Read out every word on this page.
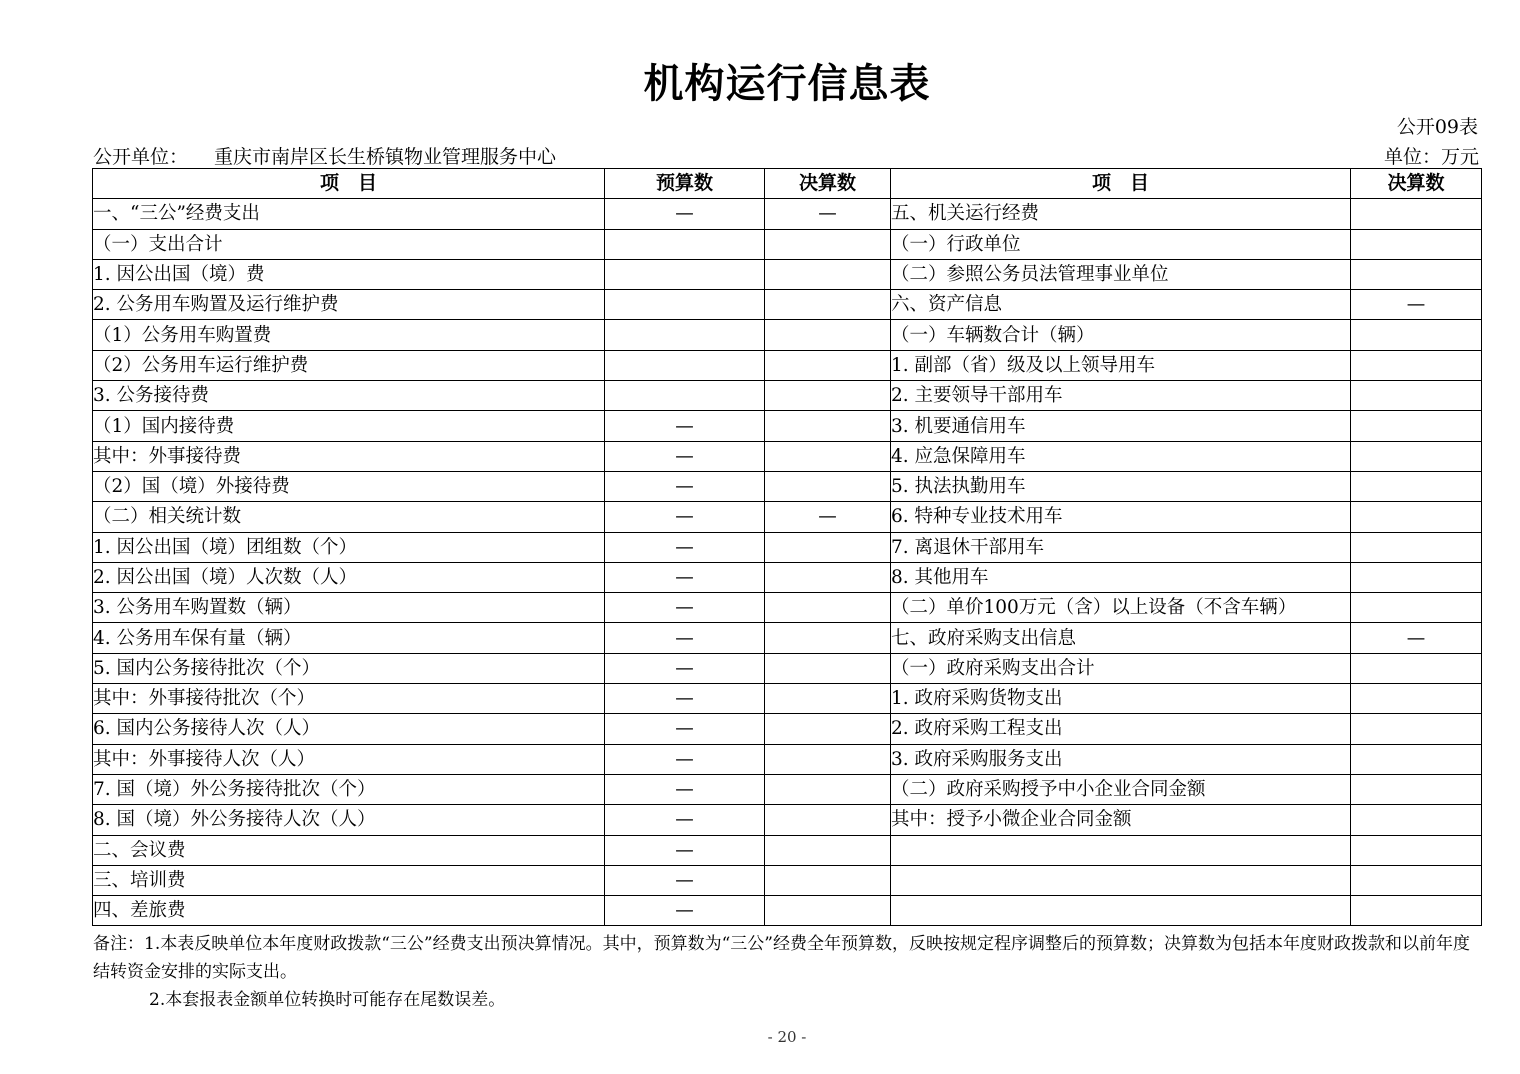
机构运行信息表
公开09表
公开单位： 重庆市南岸区长生桥镇物业管理服务中心	单位：万元
项　目	预算数	决算数	项　目	决算数
一、“三公”经费支出	—	—	五、机关运行经费	
（一）支出合计			（一）行政单位	
1. 因公出国（境）费			（二）参照公务员法管理事业单位	
2. 公务用车购置及运行维护费			六、资产信息	—
（1）公务用车购置费			（一）车辆数合计（辆）	
（2）公务用车运行维护费			1. 副部（省）级及以上领导用车	
3. 公务接待费			2. 主要领导干部用车	
（1）国内接待费	—		3. 机要通信用车	
其中：外事接待费	—		4. 应急保障用车	
（2）国（境）外接待费	—		5. 执法执勤用车	
（二）相关统计数	—	—	6. 特种专业技术用车	
1. 因公出国（境）团组数（个）	—		7. 离退休干部用车	
2. 因公出国（境）人次数（人）	—		8. 其他用车	
3. 公务用车购置数（辆）	—		（二）单价100万元（含）以上设备（不含车辆）	
4. 公务用车保有量（辆）	—		七、政府采购支出信息	—
5. 国内公务接待批次（个）	—		（一）政府采购支出合计	
其中：外事接待批次（个）	—		1. 政府采购货物支出	
6. 国内公务接待人次（人）	—		2. 政府采购工程支出	
其中：外事接待人次（人）	—		3. 政府采购服务支出	
7. 国（境）外公务接待批次（个）	—		（二）政府采购授予中小企业合同金额	
8. 国（境）外公务接待人次（人）	—		其中：授予小微企业合同金额	
二、会议费	—			
三、培训费	—			
四、差旅费	—			
备注：1.本表反映单位本年度财政拨款“三公”经费支出预决算情况。其中，预算数为“三公”经费全年预算数，反映按规定程序调整后的预算数；决算数为包括本年度财政拨款和以前年度结转资金安排的实际支出。
2.本套报表金额单位转换时可能存在尾数误差。
- 20 -
